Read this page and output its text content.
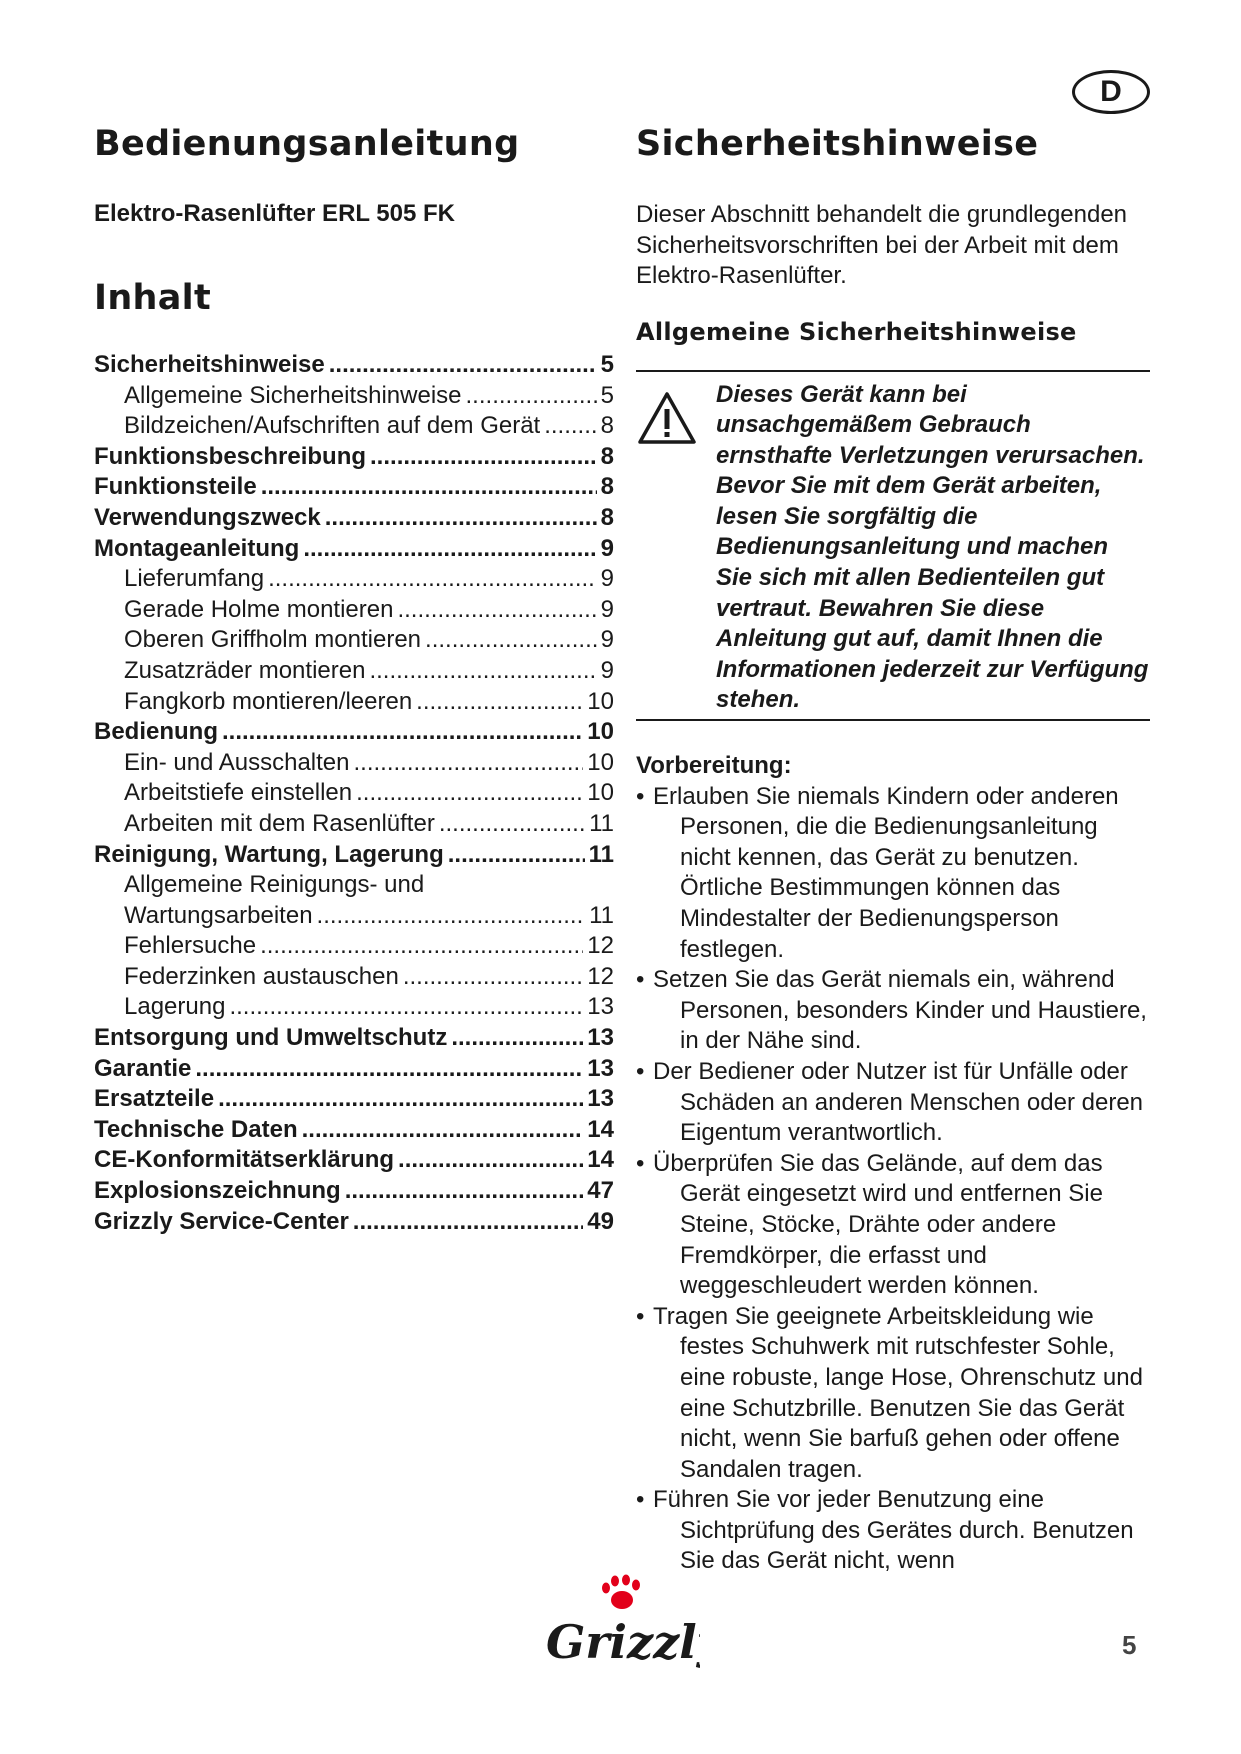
D
Bedienungsanleitung
Elektro-Rasenlüfter ERL 505 FK
Inhalt
Sicherheitshinweise .....	5
Allgemeine Sicherheitshinweise .....	5
Bildzeichen/Aufschriften auf dem Gerät .....	8
Funktionsbeschreibung .....	8
Funktionsteile .....	8
Verwendungszweck .....	8
Montageanleitung .....	9
Lieferumfang .....	9
Gerade Holme montieren .....	9
Oberen Griffholm montieren .....	9
Zusatzräder montieren .....	9
Fangkorb montieren/leeren .....	10
Bedienung .....	10
Ein- und Ausschalten .....	10
Arbeitstiefe einstellen .....	10
Arbeiten mit dem Rasenlüfter .....	11
Reinigung, Wartung, Lagerung .....	11
Allgemeine Reinigungs- und
Wartungsarbeiten .....	11
Fehlersuche .....	12
Federzinken austauschen .....	12
Lagerung .....	13
Entsorgung und Umweltschutz .....	13
Garantie .....	13
Ersatzteile .....	13
Technische Daten .....	14
CE-Konformitätserklärung .....	14
Explosionszeichnung .....	47
Grizzly Service-Center .....	49
Sicherheitshinweise
Dieser Abschnitt behandelt die grundlegenden Sicherheitsvorschriften bei der Arbeit mit dem Elektro-Rasenlüfter.
Allgemeine Sicherheitshinweise
Dieses Gerät kann bei unsachgemäßem Gebrauch ernsthafte Verletzungen verursachen. Bevor Sie mit dem Gerät arbeiten, lesen Sie sorgfältig die Bedienungsanleitung und machen Sie sich mit allen Bedienteilen gut vertraut. Bewahren Sie diese Anleitung gut auf, damit Ihnen die Informationen jederzeit zur Verfügung stehen.
Vorbereitung:
• Erlauben Sie niemals Kindern oder anderen Personen, die die Bedienungsanleitung nicht kennen, das Gerät zu benutzen. Örtliche Bestimmungen können das Mindestalter der Bedienungsperson festlegen.
• Setzen Sie das Gerät niemals ein, während Personen, besonders Kinder und Haustiere, in der Nähe sind.
• Der Bediener oder Nutzer ist für Unfälle oder Schäden an anderen Menschen oder deren Eigentum verantwortlich.
• Überprüfen Sie das Gelände, auf dem das Gerät eingesetzt wird und entfernen Sie Steine, Stöcke, Drähte oder andere Fremdkörper, die erfasst und weggeschleudert werden können.
• Tragen Sie geeignete Arbeitskleidung wie festes Schuhwerk mit rutschfester Sohle, eine robuste, lange Hose, Ohrenschutz und eine Schutzbrille. Benutzen Sie das Gerät nicht, wenn Sie barfuß gehen oder offene Sandalen tragen.
• Führen Sie vor jeder Benutzung eine Sichtprüfung des Gerätes durch. Benutzen Sie das Gerät nicht, wenn
Grizzl	5
